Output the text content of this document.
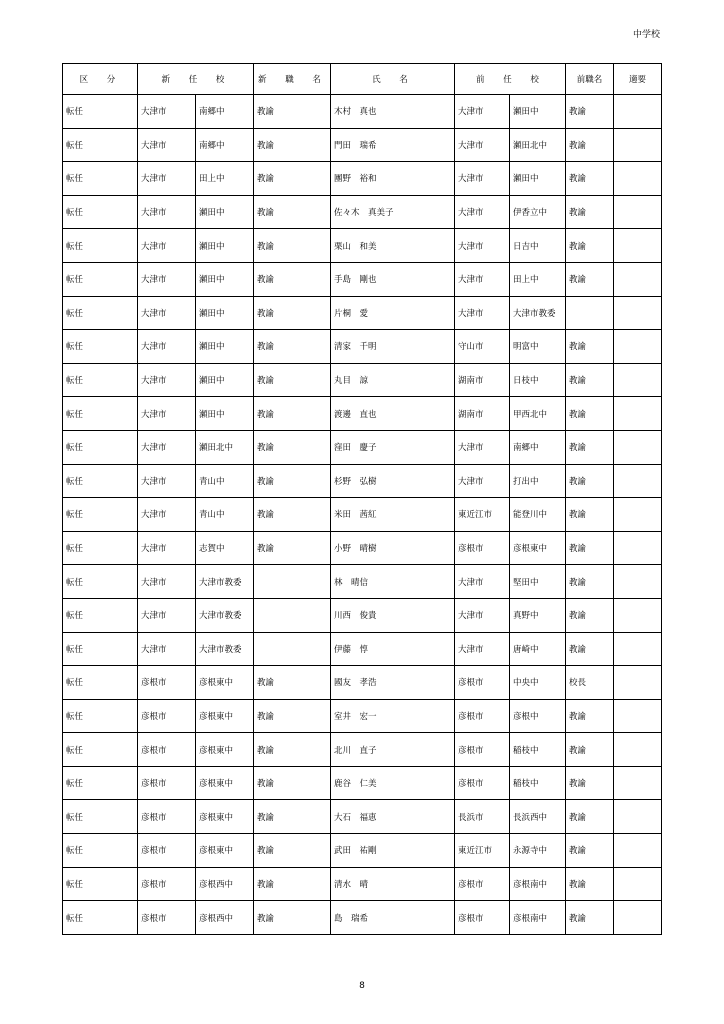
中学校
区　分	新　任　校		新　職　名	氏　名	前　任　校		前職名	適要
転任	大津市	南郷中	教諭	木村　真也	大津市	瀬田中	教諭	
転任	大津市	南郷中	教諭	門田　瑞希	大津市	瀬田北中	教諭	
転任	大津市	田上中	教諭	團野　裕和	大津市	瀬田中	教諭	
転任	大津市	瀬田中	教諭	佐々木　真美子	大津市	伊香立中	教諭	
転任	大津市	瀬田中	教諭	栗山　和美	大津市	日吉中	教諭	
転任	大津市	瀬田中	教諭	手島　剛也	大津市	田上中	教諭	
転任	大津市	瀬田中	教諭	片桐　愛	大津市	大津市教委		
転任	大津市	瀬田中	教諭	清家　千明	守山市	明富中	教諭	
転任	大津市	瀬田中	教諭	丸目　諒	湖南市	日枝中	教諭	
転任	大津市	瀬田中	教諭	渡邊　直也	湖南市	甲西北中	教諭	
転任	大津市	瀬田北中	教諭	窪田　慶子	大津市	南郷中	教諭	
転任	大津市	青山中	教諭	杉野　弘樹	大津市	打出中	教諭	
転任	大津市	青山中	教諭	米田　茜紅	東近江市	能登川中	教諭	
転任	大津市	志賀中	教諭	小野　晴樹	彦根市	彦根東中	教諭	
転任	大津市	大津市教委		林　晴信	大津市	堅田中	教諭	
転任	大津市	大津市教委		川西　俊貴	大津市	真野中	教諭	
転任	大津市	大津市教委		伊藤　惇	大津市	唐崎中	教諭	
転任	彦根市	彦根東中	教諭	國友　孝浩	彦根市	中央中	校長	
転任	彦根市	彦根東中	教諭	室井　宏一	彦根市	彦根中	教諭	
転任	彦根市	彦根東中	教諭	北川　直子	彦根市	稲枝中	教諭	
転任	彦根市	彦根東中	教諭	鹿谷　仁美	彦根市	稲枝中	教諭	
転任	彦根市	彦根東中	教諭	大石　福恵	長浜市	長浜西中	教諭	
転任	彦根市	彦根東中	教諭	武田　祐剛	東近江市	永源寺中	教諭	
転任	彦根市	彦根西中	教諭	清水　晴	彦根市	彦根南中	教諭	
転任	彦根市	彦根西中	教諭	島　瑞希	彦根市	彦根南中	教諭	
8
